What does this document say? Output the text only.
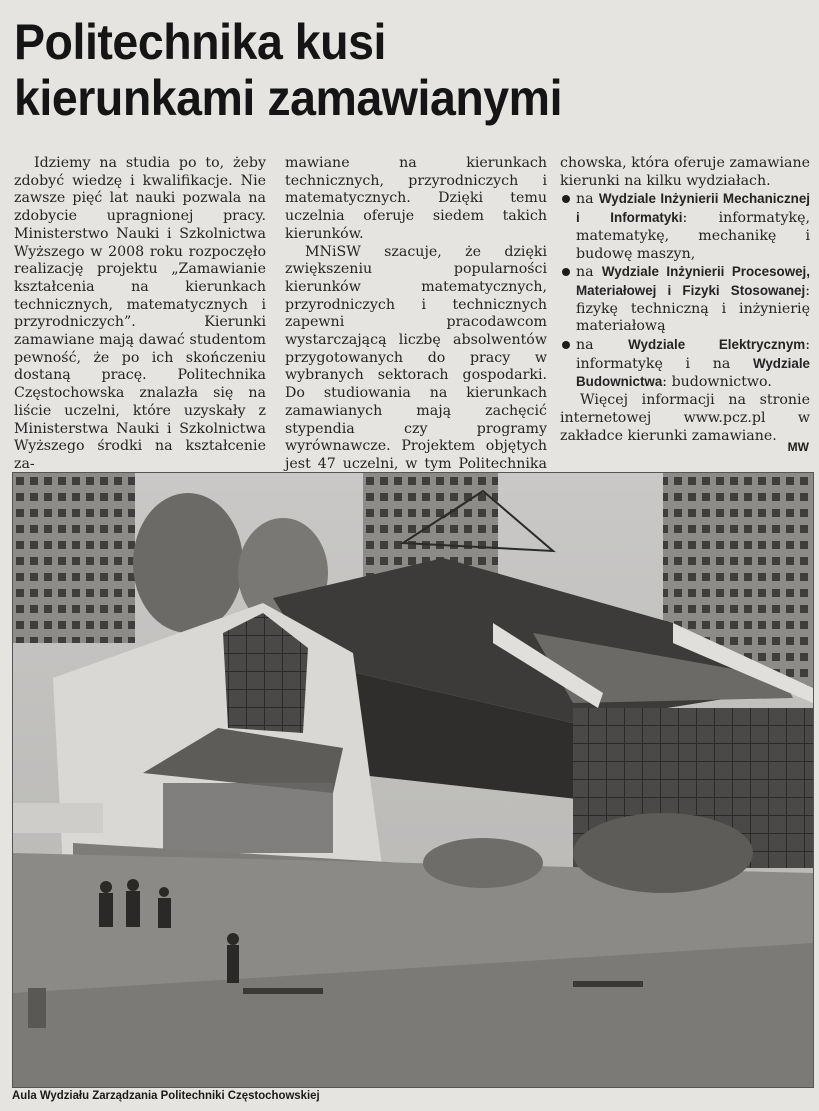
Politechnika kusi
kierunkami zamawianymi

Idziemy na studia po to, żeby zdobyć wiedzę i kwalifikacje. Nie zawsze pięć lat nauki pozwala na zdobycie upragnionej pracy. Ministerstwo Nauki i Szkolnictwa Wyższego w 2008 roku rozpoczęło realizację projektu „Zamawianie kształcenia na kierunkach technicznych, matematycznych i przyrodniczych”. Kierunki zamawiane mają dawać studentom pewność, że po ich skończeniu dostaną pracę. Politechnika Częstochowska znalazła się na liście uczelni, które uzyskały z Ministerstwa Nauki i Szkolnictwa Wyższego środki na kształcenie za-

mawiane na kierunkach technicznych, przyrodniczych i matematycznych. Dzięki temu uczelnia oferuje siedem takich kierunków.

MNiSW szacuje, że dzięki zwiększeniu popularności kierunków matematycznych, przyrodniczych i technicznych zapewni pracodawcom wystarczającą liczbę absolwentów przygotowanych do pracy w wybranych sektorach gospodarki. Do studiowania na kierunkach zamawianych mają zachęcić stypendia czy programy wyrównawcze. Projektem objętych jest 47 uczelni, w tym Politechnika

chowska, która oferuje zamawiane kierunki na kilku wydziałach.

na Wydziale Inżynierii Mechanicznej i Informatyki: informatykę, matematykę, mechanikę i budowę maszyn,
na Wydziale Inżynierii Procesowej, Materiałowej i Fizyki Stosowanej: fizykę techniczną i inżynierię materiałową
na Wydziale Elektrycznym: informatykę i na Wydziale Budownictwa: budownictwo.

Więcej informacji na stronie internetowej www.pcz.pl w zakładce kierunki zamawiane.

MW
Aula Wydziału Zarządzania Politechniki Częstochowskiej
